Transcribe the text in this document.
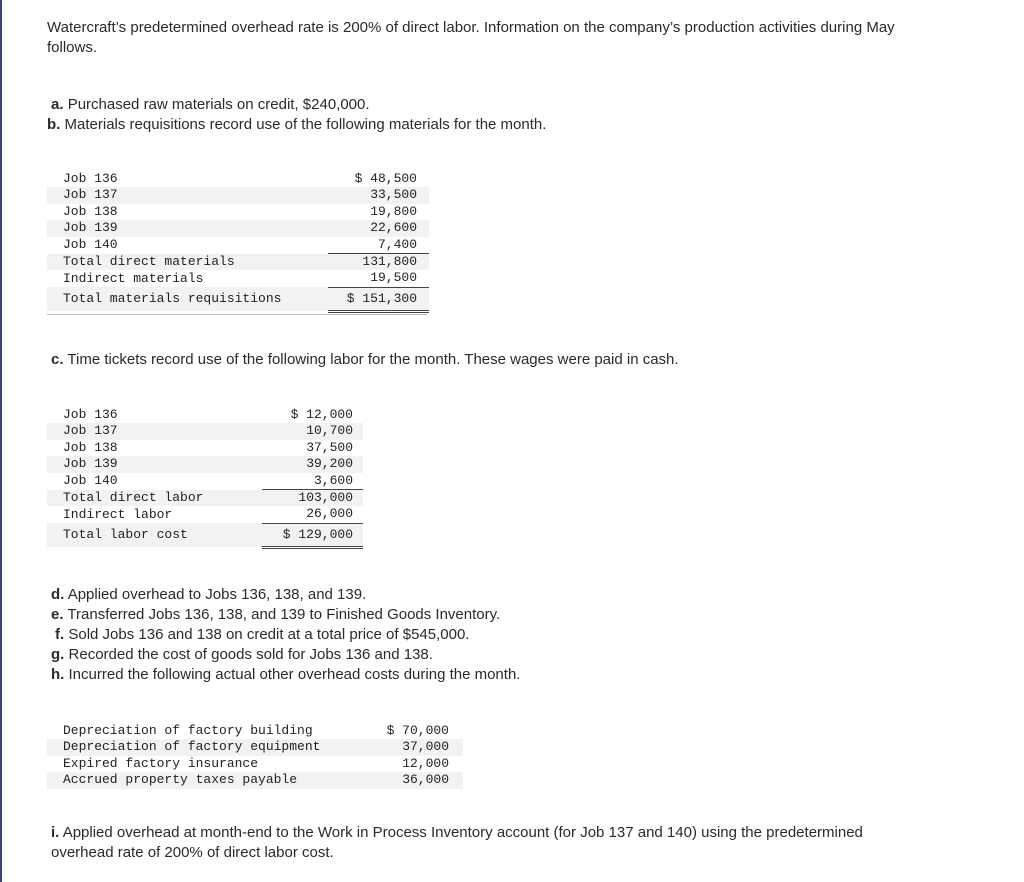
Watercraft’s predetermined overhead rate is 200% of direct labor. Information on the company’s production activities during May follows.
a. Purchased raw materials on credit, $240,000.
b. Materials requisitions record use of the following materials for the month.
Job 136	$ 48,500
Job 137	33,500
Job 138	19,800
Job 139	22,600
Job 140	7,400
Total direct materials	131,800
Indirect materials	19,500
Total materials requisitions	$ 151,300
c. Time tickets record use of the following labor for the month. These wages were paid in cash.
Job 136	$ 12,000
Job 137	10,700
Job 138	37,500
Job 139	39,200
Job 140	3,600
Total direct labor	103,000
Indirect labor	26,000
Total labor cost	$ 129,000
d. Applied overhead to Jobs 136, 138, and 139.
e. Transferred Jobs 136, 138, and 139 to Finished Goods Inventory.
f. Sold Jobs 136 and 138 on credit at a total price of $545,000.
g. Recorded the cost of goods sold for Jobs 136 and 138.
h. Incurred the following actual other overhead costs during the month.
Depreciation of factory building	$ 70,000
Depreciation of factory equipment	37,000
Expired factory insurance	12,000
Accrued property taxes payable	36,000
i. Applied overhead at month-end to the Work in Process Inventory account (for Job 137 and 140) using the predetermined overhead rate of 200% of direct labor cost.
